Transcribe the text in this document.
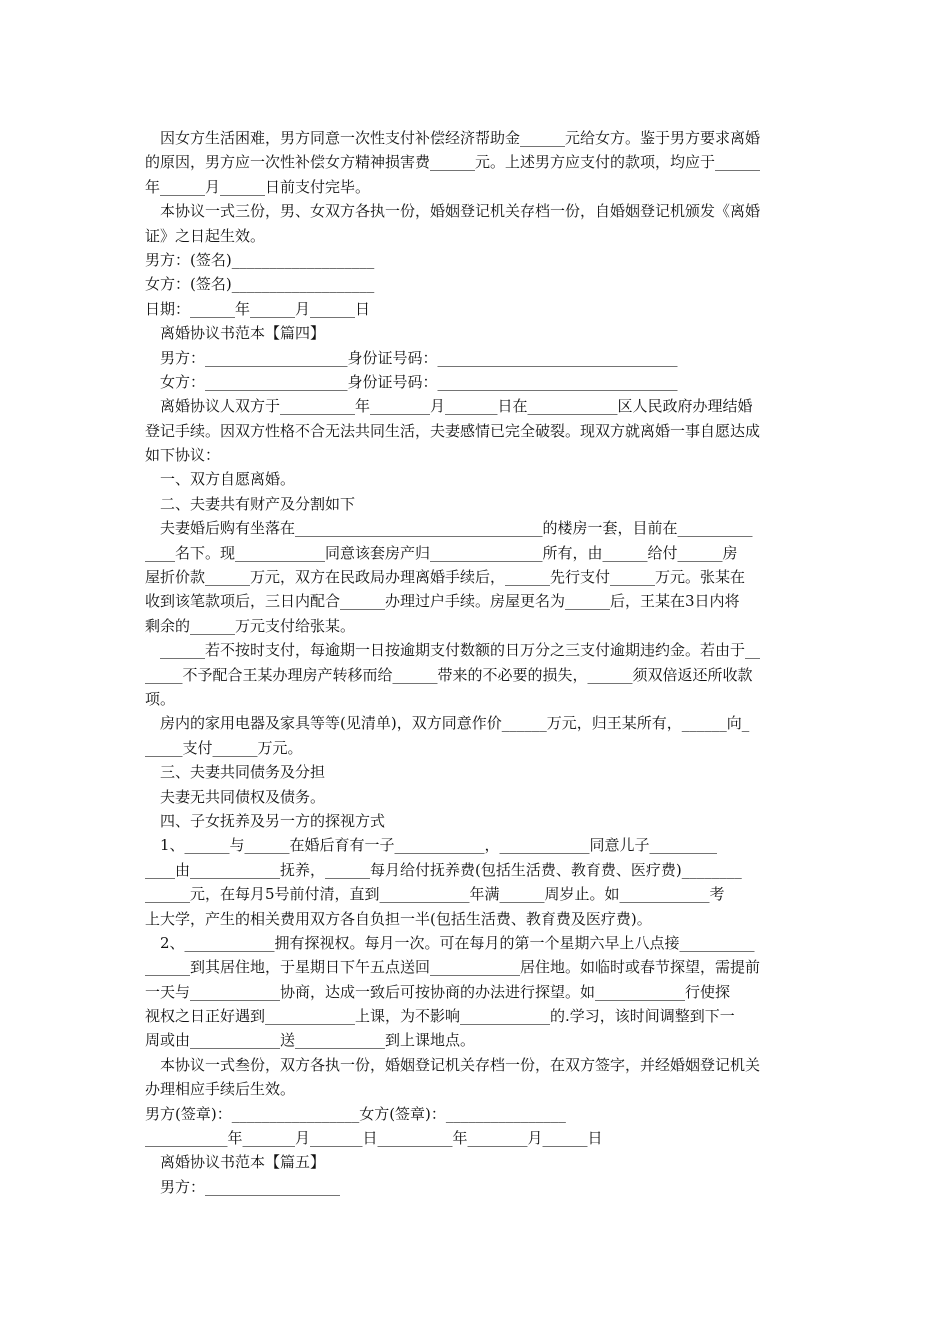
因女方生活困难，男方同意一次性支付补偿经济帮助金______元给女方。鉴于男方要求离婚
的原因，男方应一次性补偿女方精神损害费______元。上述男方应支付的款项，均应于______
年______月______日前支付完毕。
本协议一式三份，男、女双方各执一份，婚姻登记机关存档一份，自婚姻登记机颁发《离婚
证》之日起生效。
男方：(签名)___________________
女方：(签名)___________________
日期：______年______月______日
离婚协议书范本【篇四】
男方：___________________身份证号码：________________________________
女方：___________________身份证号码：________________________________
离婚协议人双方于__________年________月_______日在____________区人民政府办理结婚
登记手续。因双方性格不合无法共同生活，夫妻感情已完全破裂。现双方就离婚一事自愿达成
如下协议：
一、双方自愿离婚。
二、夫妻共有财产及分割如下
夫妻婚后购有坐落在_________________________________的楼房一套，目前在__________
____名下。现____________同意该套房产归_______________所有，由______给付______房
屋折价款______万元，双方在民政局办理离婚手续后，______先行支付______万元。张某在
收到该笔款项后，三日内配合______办理过户手续。房屋更名为______后，王某在3日内将
剩余的______万元支付给张某。
______若不按时支付，每逾期一日按逾期支付数额的日万分之三支付逾期违约金。若由于__
_____不予配合王某办理房产转移而给______带来的不必要的损失，______须双倍返还所收款
项。
房内的家用电器及家具等等(见清单)，双方同意作价______万元，归王某所有，______向_
_____支付______万元。
三、夫妻共同债务及分担
夫妻无共同债权及债务。
四、子女抚养及另一方的探视方式
1、______与______在婚后育有一子____________，____________同意儿子_________
____由____________抚养，______每月给付抚养费(包括生活费、教育费、医疗费)________
______元，在每月5号前付清，直到____________年满______周岁止。如____________考
上大学，产生的相关费用双方各自负担一半(包括生活费、教育费及医疗费)。
2、____________拥有探视权。每月一次。可在每月的第一个星期六早上八点接__________
______到其居住地，于星期日下午五点送回____________居住地。如临时或春节探望，需提前
一天与____________协商，达成一致后可按协商的办法进行探望。如____________行使探
视权之日正好遇到____________上课，为不影响____________的.学习，该时间调整到下一
周或由____________送____________到上课地点。
本协议一式叁份，双方各执一份，婚姻登记机关存档一份，在双方签字，并经婚姻登记机关
办理相应手续后生效。
男方(签章)：_________________女方(签章)：________________
___________年_______月_______日__________年________月______日
离婚协议书范本【篇五】
男方：__________________
